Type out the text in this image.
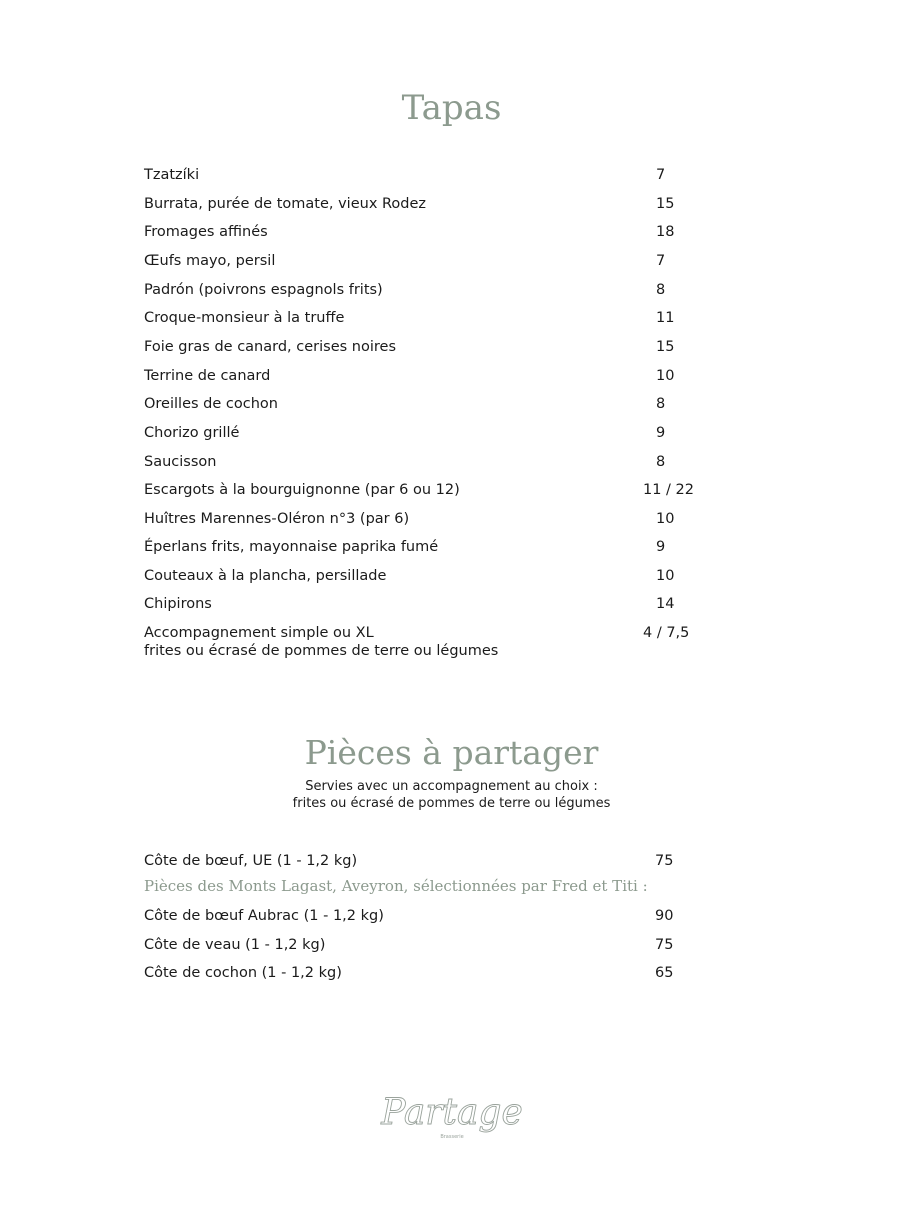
Tapas
Tzatzíki	7
Burrata, purée de tomate, vieux Rodez	15
Fromages affinés	18
Œufs mayo, persil	7
Padrón (poivrons espagnols frits)	8
Croque-monsieur à la truffe	11
Foie gras de canard, cerises noires	15
Terrine de canard	10
Oreilles de cochon	8
Chorizo grillé	9
Saucisson	8
Escargots à la bourguignonne (par 6 ou 12)	11 / 22
Huîtres Marennes-Oléron n°3 (par 6)	10
Éperlans frits, mayonnaise paprika fumé	9
Couteaux à la plancha, persillade	10
Chipirons	14
Accompagnement simple ou XL	4 / 7,5
frites ou écrasé de pommes de terre ou légumes
Pièces à partager
Servies avec un accompagnement au choix :
frites ou écrasé de pommes de terre ou légumes
Côte de bœuf, UE (1 - 1,2 kg)	75
Pièces des Monts Lagast, Aveyron, sélectionnées par Fred et Titi :
Côte de bœuf Aubrac (1 - 1,2 kg)	90
Côte de veau (1 - 1,2 kg)	75
Côte de cochon (1 - 1,2 kg)	65
Partage
Brasserie
